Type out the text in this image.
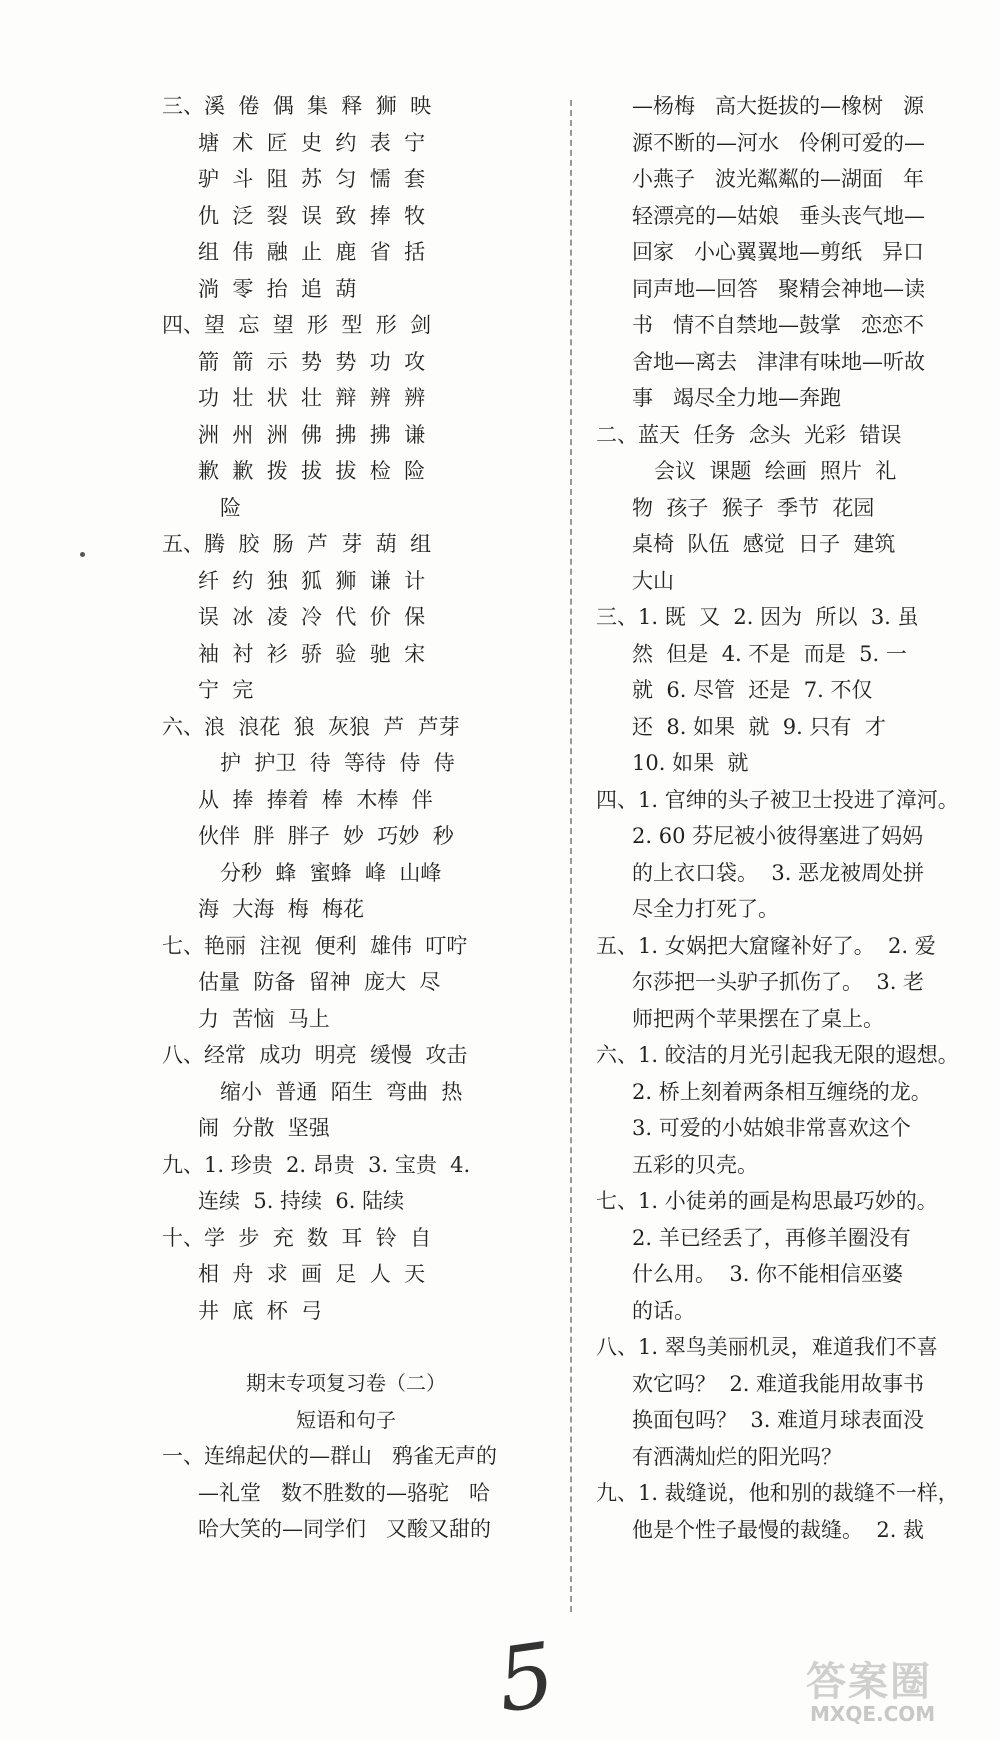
三、溪  倦  偶  集  释  狮  映
塘  术  匠  史  约  表  宁
驴  斗  阻  苏  匀  懦  套
仇  泛  裂  误  致  捧  牧
组  伟  融  止  鹿  省  括
淌  零  抬  追  葫
四、望  忘  望  形  型  形  剑
箭  箭  示  势  势  功  攻
功  壮  状  壮  辩  辨  辨
洲  州  洲  佛  拂  拂  谦
歉  歉  拨  拔  拔  检  险
险
五、腾  胶  肠  芦  芽  葫  组
纤  约  独  狐  狮  谦  计
误  冰  凌  冷  代  价  保
袖  衬  衫  骄  验  驰  宋
宁  完
六、浪  浪花  狼  灰狼  芦  芦芽
护  护卫  待  等待  侍  侍
从  捧  捧着  棒  木棒  伴
伙伴  胖  胖子  妙  巧妙  秒
分秒  蜂  蜜蜂  峰  山峰
海  大海  梅  梅花
七、艳丽  注视  便利  雄伟  叮咛
估量  防备  留神  庞大  尽
力  苦恼  马上
八、经常  成功  明亮  缓慢  攻击
缩小  普通  陌生  弯曲  热
闹  分散  坚强
九、1. 珍贵  2. 昂贵  3. 宝贵  4.
连续  5. 持续  6. 陆续
十、学  步  充  数  耳  铃  自
相  舟  求  画  足  人  天
井  底  杯  弓
期末专项复习卷（二）
短语和句子
一、连绵起伏的—群山   鸦雀无声的
—礼堂   数不胜数的—骆驼   哈
哈大笑的—同学们   又酸又甜的
—杨梅   高大挺拔的—橡树   源
源不断的—河水   伶俐可爱的—
小燕子   波光粼粼的—湖面   年
轻漂亮的—姑娘   垂头丧气地—
回家   小心翼翼地—剪纸   异口
同声地—回答   聚精会神地—读
书   情不自禁地—鼓掌   恋恋不
舍地—离去   津津有味地—听故
事   竭尽全力地—奔跑
二、蓝天  任务  念头  光彩  错误
会议  课题  绘画  照片  礼
物  孩子  猴子  季节  花园
桌椅  队伍  感觉  日子  建筑
大山
三、1. 既  又  2. 因为  所以  3. 虽
然  但是  4. 不是  而是  5. 一
就  6. 尽管  还是  7. 不仅
还  8. 如果  就  9. 只有  才
10. 如果  就
四、1. 官绅的头子被卫士投进了漳河。
2. 60 芬尼被小彼得塞进了妈妈
的上衣口袋。  3. 恶龙被周处拼
尽全力打死了。
五、1. 女娲把大窟窿补好了。  2. 爱
尔莎把一头驴子抓伤了。  3. 老
师把两个苹果摆在了桌上。
六、1. 皎洁的月光引起我无限的遐想。
2. 桥上刻着两条相互缠绕的龙。
3. 可爱的小姑娘非常喜欢这个
五彩的贝壳。
七、1. 小徒弟的画是构思最巧妙的。
2. 羊已经丢了，再修羊圈没有
什么用。  3. 你不能相信巫婆
的话。
八、1. 翠鸟美丽机灵，难道我们不喜
欢它吗？  2. 难道我能用故事书
换面包吗？  3. 难道月球表面没
有洒满灿烂的阳光吗？
九、1. 裁缝说，他和别的裁缝不一样，
他是个性子最慢的裁缝。  2. 裁
5	答案圈
MXQE.COM
